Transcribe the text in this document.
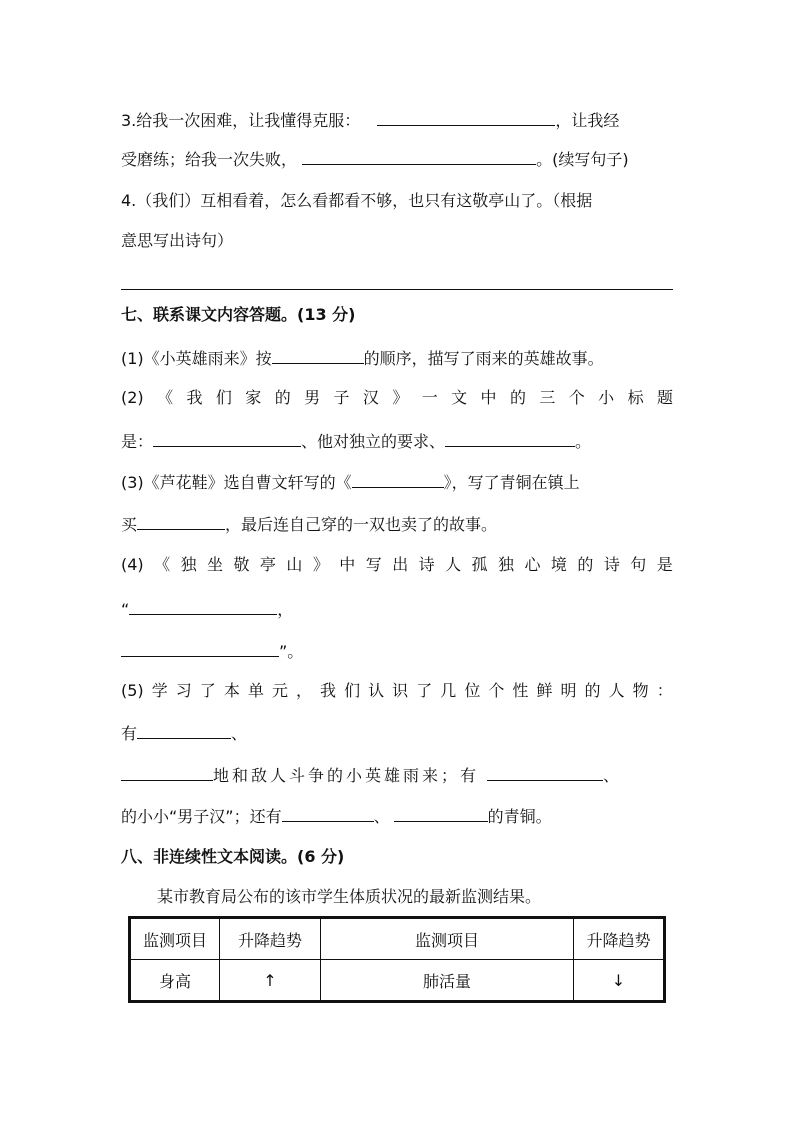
3.给我一次困难，让我懂得克服：	，让我经
受磨练；给我一次失败，	。(续写句子)
4.（我们）互相看着，怎么看都看不够，也只有这敬亭山了。（根据
意思写出诗句）
七、联系课文内容答题。(13 分)
(1)《小英雄雨来》按	的顺序，描写了雨来的英雄故事。
(2) 《 我 们 家 的 男 子 汉 》 一 文 中 的 三 个 小 标 题
是：	、他对独立的要求、	。
(3)《芦花鞋》选自曹文轩写的《	》，写了青铜在镇上
买	，最后连自己穿的一双也卖了的故事。
(4) 《 独 坐 敬 亭 山 》 中 写 出 诗 人 孤 独 心 境 的 诗 句 是
“	，
”。
(5) 学 习 了 本 单 元 ， 我 们 认 识 了 几 位 个 性 鲜 明 的 人 物 ：
有	、
地和敌人斗争的小英雄雨来；有	、
的小小“男子汉”；还有	、	的青铜。
八、非连续性文本阅读。(6 分)
某市教育局公布的该市学生体质状况的最新监测结果。
监测项目	升降趋势	监测项目	升降趋势
身高	↑	肺活量	↓
